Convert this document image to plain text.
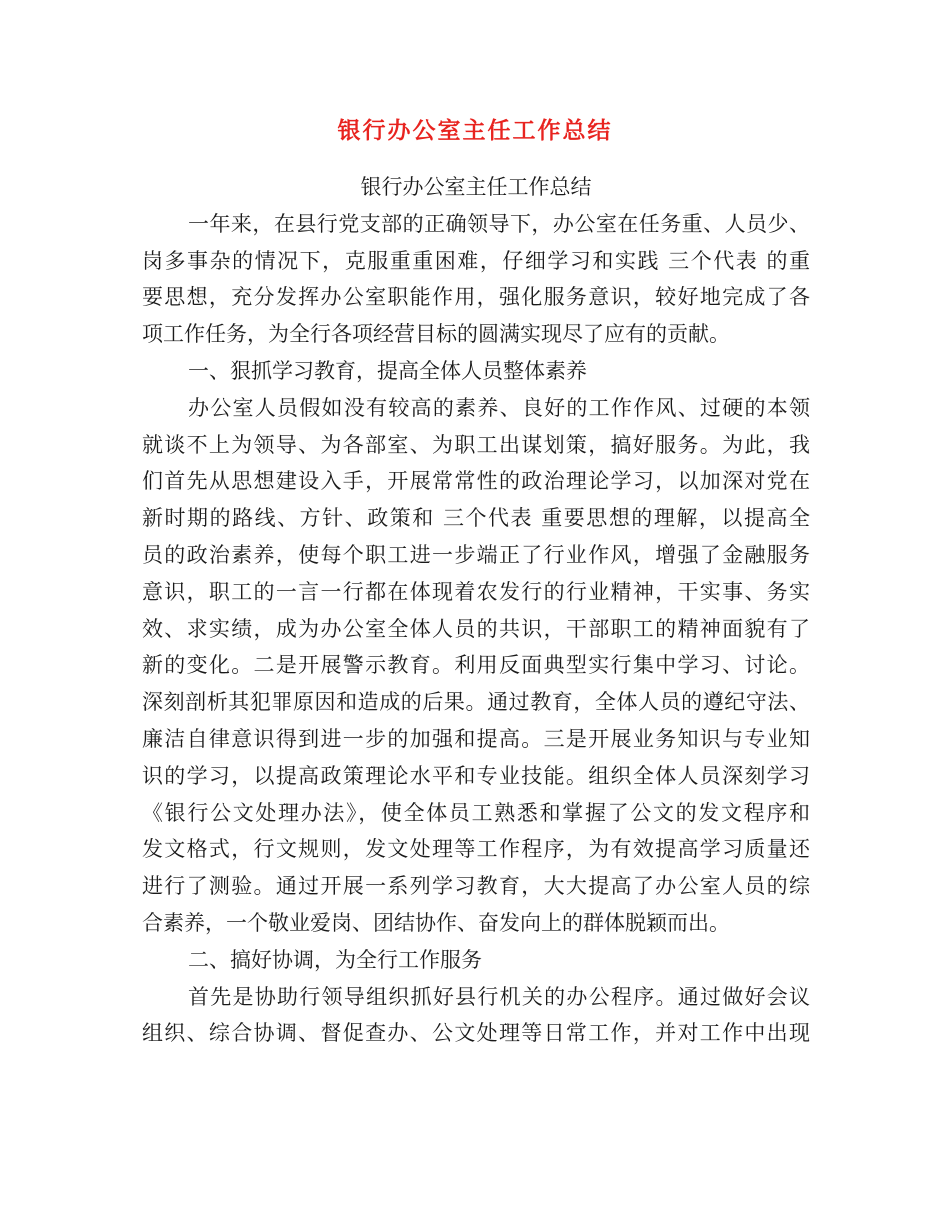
银行办公室主任工作总结
银行办公室主任工作总结
一年来，在县行党支部的正确领导下，办公室在任务重、人员少、
岗多事杂的情况下，克服重重困难，仔细学习和实践 三个代表 的重
要思想，充分发挥办公室职能作用，强化服务意识，较好地完成了各
项工作任务，为全行各项经营目标的圆满实现尽了应有的贡献。
一、狠抓学习教育，提高全体人员整体素养
办公室人员假如没有较高的素养、良好的工作作风、过硬的本领
就谈不上为领导、为各部室、为职工出谋划策，搞好服务。为此，我
们首先从思想建设入手，开展常常性的政治理论学习，以加深对党在
新时期的路线、方针、政策和 三个代表 重要思想的理解，以提高全
员的政治素养，使每个职工进一步端正了行业作风，增强了金融服务
意识，职工的一言一行都在体现着农发行的行业精神，干实事、务实
效、求实绩，成为办公室全体人员的共识，干部职工的精神面貌有了
新的变化。二是开展警示教育。利用反面典型实行集中学习、讨论。
深刻剖析其犯罪原因和造成的后果。通过教育，全体人员的遵纪守法、
廉洁自律意识得到进一步的加强和提高。三是开展业务知识与专业知
识的学习，以提高政策理论水平和专业技能。组织全体人员深刻学习
《银行公文处理办法》，使全体员工熟悉和掌握了公文的发文程序和
发文格式，行文规则，发文处理等工作程序，为有效提高学习质量还
进行了测验。通过开展一系列学习教育，大大提高了办公室人员的综
合素养，一个敬业爱岗、团结协作、奋发向上的群体脱颖而出。
二、搞好协调，为全行工作服务
首先是协助行领导组织抓好县行机关的办公程序。通过做好会议
组织、综合协调、督促查办、公文处理等日常工作，并对工作中出现
